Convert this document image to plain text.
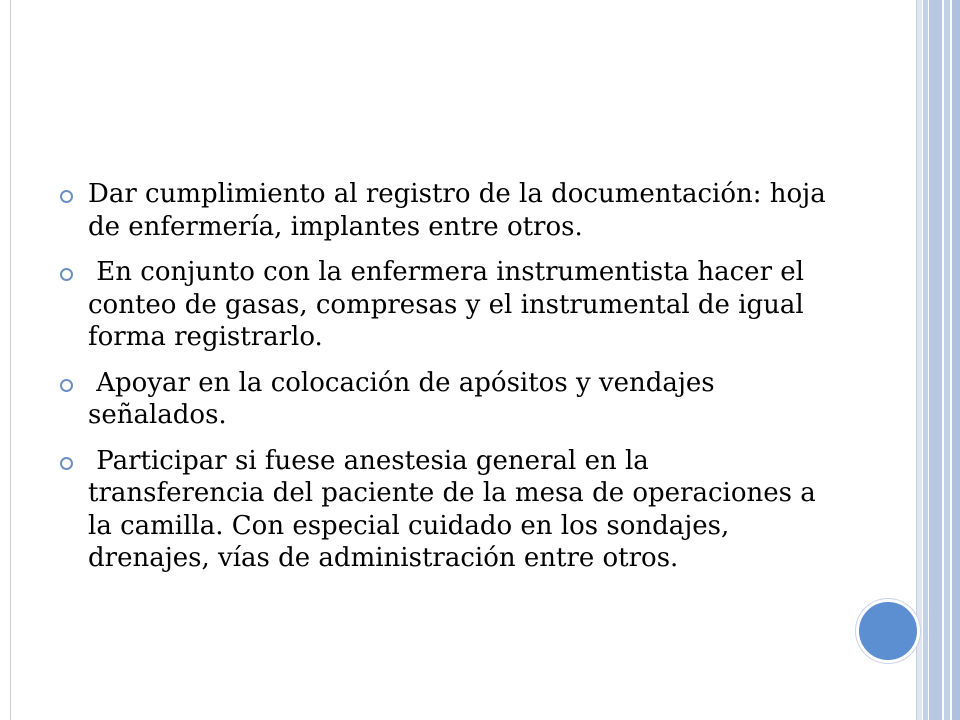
Dar cumplimiento al registro de la documentación: hoja de enfermería, implantes entre otros.
En conjunto con la enfermera instrumentista hacer el conteo de gasas, compresas y el instrumental de igual forma registrarlo.
Apoyar en la colocación de apósitos y vendajes señalados.
Participar si fuese anestesia general en la transferencia del paciente de la mesa de operaciones a la camilla. Con especial cuidado en los sondajes, drenajes, vías de administración entre otros.
